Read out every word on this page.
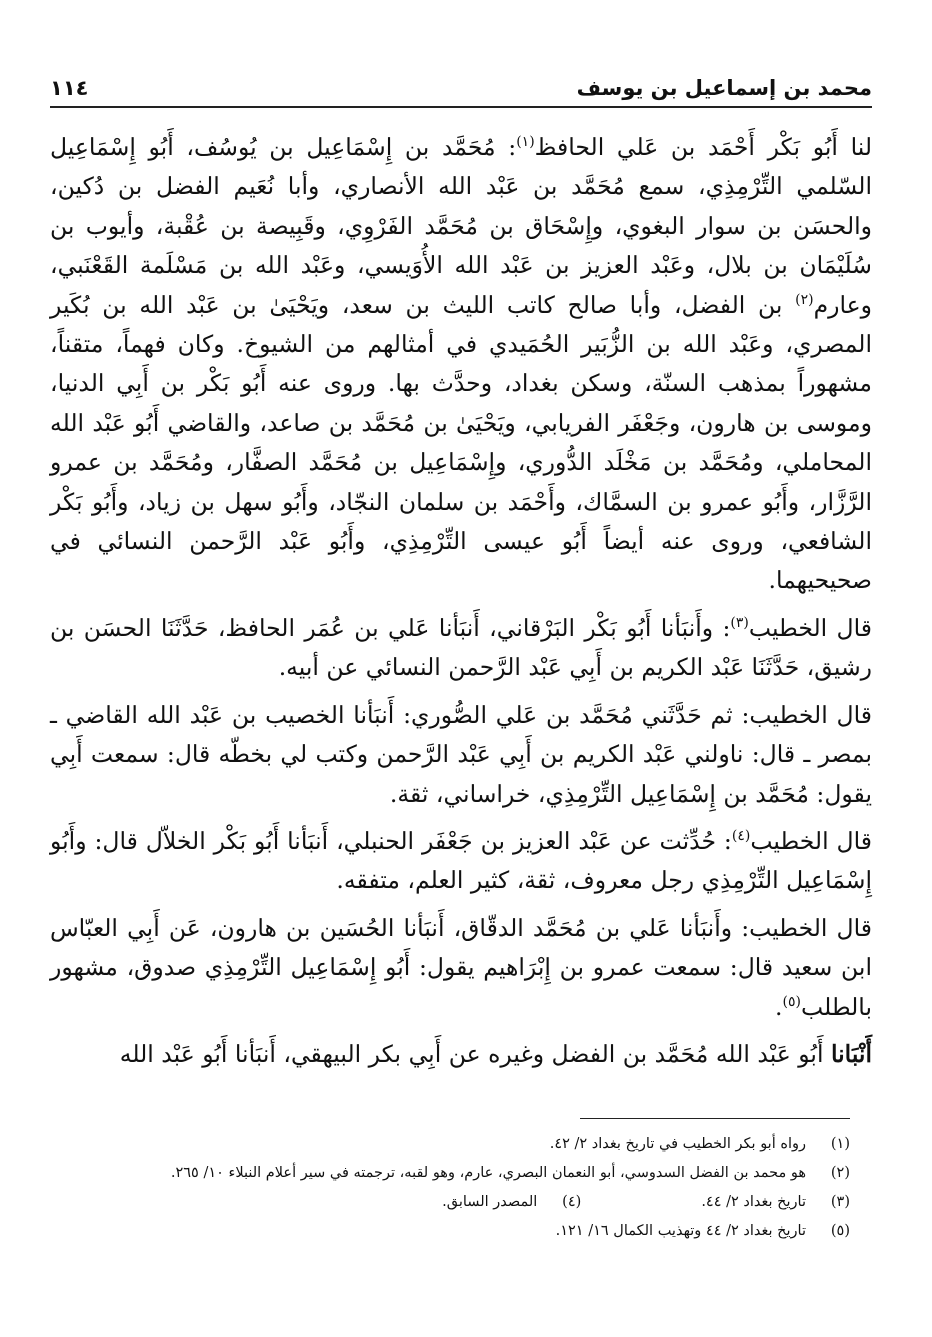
محمد بن إسماعيل بن يوسف
١١٤

لنا أَبُو بَكْر أَحْمَد بن عَلي الحافظ$^{(١)}$: مُحَمَّد بن إِسْمَاعِيل بن يُوسُف، أَبُو إِسْمَاعِيل السّلمي التِّرْمِذِي، سمع مُحَمَّد بن عَبْد الله الأنصاري، وأبا نُعَيم الفضل بن دُكين، والحسَن بن سوار البغوي، وإِسْحَاق بن مُحَمَّد الفَرْوِي، وقَبِيصة بن عُقْبة، وأيوب بن سُلَيْمَان بن بلال، وعَبْد العزيز بن عَبْد الله الأُوَيسي، وعَبْد الله بن مَسْلَمة القَعْنَبي، وعارم$^{(٢)}$ بن الفضل، وأبا صالح كاتب الليث بن سعد، ويَحْيَىٰ بن عَبْد الله بن بُكَير المصري، وعَبْد الله بن الزُّبَير الحُمَيدي في أمثالهم من الشيوخ. وكان فهماً، متقناً، مشهوراً بمذهب السنّة، وسكن بغداد، وحدَّث بها. وروى عنه أَبُو بَكْر بن أَبِي الدنيا، وموسى بن هارون، وجَعْفَر الفريابي، ويَحْيَىٰ بن مُحَمَّد بن صاعد، والقاضي أَبُو عَبْد الله المحاملي، ومُحَمَّد بن مَخْلَد الدُّوري، وإِسْمَاعِيل بن مُحَمَّد الصفَّار، ومُحَمَّد بن عمرو الرَّزَّار، وأَبُو عمرو بن السمَّاك، وأَحْمَد بن سلمان النجّاد، وأَبُو سهل بن زياد، وأَبُو بَكْر الشافعي، وروى عنه أيضاً أَبُو عيسى التِّرْمِذِي، وأَبُو عَبْد الرَّحمن النسائي في صحيحيهما.

قال الخطيب$^{(٣)}$: وأَنبَأنا أَبُو بَكْر البَرْقاني، أَنبَأنا عَلي بن عُمَر الحافظ، حَدَّثَنَا الحسَن بن رشيق، حَدَّثَنَا عَبْد الكريم بن أَبِي عَبْد الرَّحمن النسائي عن أبيه.

قال الخطيب: ثم حَدَّثَني مُحَمَّد بن عَلي الصُّوري: أَنبَأنا الخصيب بن عَبْد الله القاضي ـ بمصر ـ قال: ناولني عَبْد الكريم بن أَبِي عَبْد الرَّحمن وكتب لي بخطّه قال: سمعت أَبِي يقول: مُحَمَّد بن إِسْمَاعِيل التِّرْمِذِي، خراساني، ثقة.

قال الخطيب$^{(٤)}$: حُدِّثت عن عَبْد العزيز بن جَعْفَر الحنبلي، أَنبَأنا أَبُو بَكْر الخلاّل قال: وأَبُو إِسْمَاعِيل التِّرْمِذِي رجل معروف، ثقة، كثير العلم، متفقه.

قال الخطيب: وأَنبَأنا عَلي بن مُحَمَّد الدقّاق، أَنبَأنا الحُسَين بن هارون، عَن أَبِي العبّاس ابن سعيد قال: سمعت عمرو بن إِبْرَاهيم يقول: أَبُو إِسْمَاعِيل التِّرْمِذِي صدوق، مشهور بالطلب$^{(٥)}$.

أَنْبَانا أَبُو عَبْد الله مُحَمَّد بن الفضل وغيره عن أَبِي بكر البيهقي، أَنبَأنا أَبُو عَبْد الله

(١)
رواه أبو بكر الخطيب في تاريخ بغداد ٢/ ٤٢.
(٢)
هو محمد بن الفضل السدوسي، أبو النعمان البصري، عارم، وهو لقبه، ترجمته في سير أعلام النبلاء ١٠/ ٢٦٥.
(٣)
تاريخ بغداد ٢/ ٤٤.
(٤)
المصدر السابق.
(٥)
تاريخ بغداد ٢/ ٤٤ وتهذيب الكمال ١٦/ ١٢١.
